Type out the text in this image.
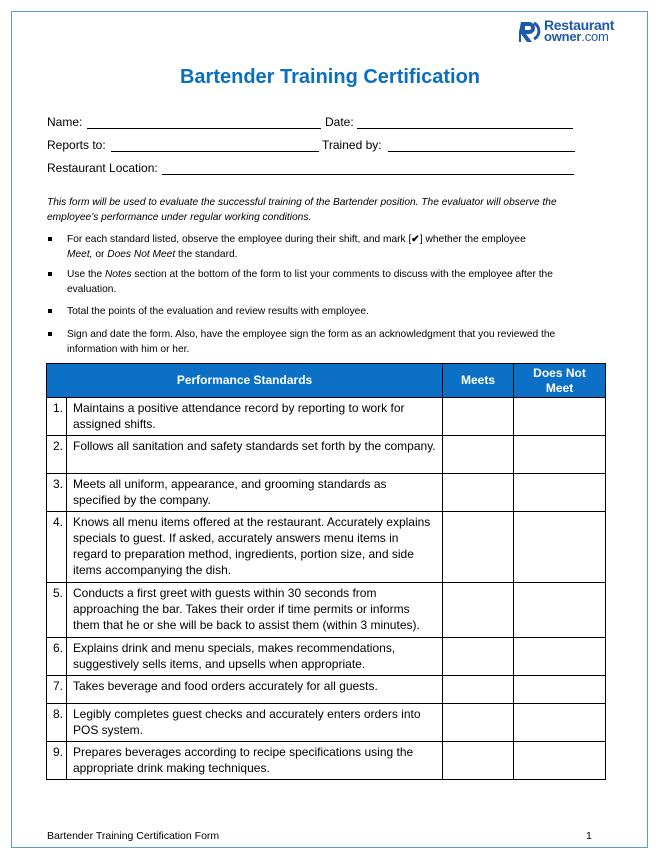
Restaurant
owner.com
Bartender Training Certification
Name:	Date:
Reports to:	Trained by:
Restaurant Location:
This form will be used to evaluate the successful training of the Bartender position. The evaluator will observe the employee’s performance under regular working conditions.
For each standard listed, observe the employee during their shift, and mark [✔] whether the employee
Meet, or Does Not Meet the standard.
Use the Notes section at the bottom of the form to list your comments to discuss with the employee after the evaluation.
Total the points of the evaluation and review results with employee.
Sign and date the form. Also, have the employee sign the form as an acknowledgment that you reviewed the information with him or her.
Performance Standards		Meets	Does Not Meet
1.	Maintains a positive attendance record by reporting to work for assigned shifts.		
2.	Follows all sanitation and safety standards set forth by the company.		
3.	Meets all uniform, appearance, and grooming standards as specified by the company.		
4.	Knows all menu items offered at the restaurant. Accurately explains specials to guest. If asked, accurately answers menu items in regard to preparation method, ingredients, portion size, and side items accompanying the dish.		
5.	Conducts a first greet with guests within 30 seconds from approaching the bar. Takes their order if time permits or informs them that he or she will be back to assist them (within 3 minutes).		
6.	Explains drink and menu specials, makes recommendations, suggestively sells items, and upsells when appropriate.		
7.	Takes beverage and food orders accurately for all guests.		
8.	Legibly completes guest checks and accurately enters orders into POS system.		
9.	Prepares beverages according to recipe specifications using the appropriate drink making techniques.		
Bartender Training Certification Form	1
